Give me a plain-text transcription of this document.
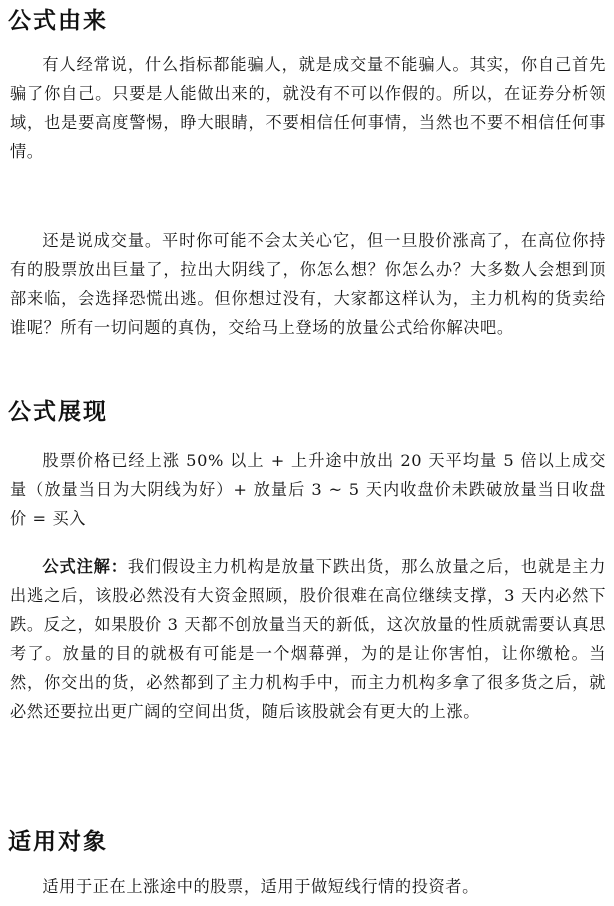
公式由来

有人经常说，什么指标都能骗人，就是成交量不能骗人。其实，你自己首先骗了你自己。只要是人能做出来的，就没有不可以作假的。所以，在证券分析领域，也是要高度警惕，睁大眼睛，不要相信任何事情，当然也不要不相信任何事情。

还是说成交量。平时你可能不会太关心它，但一旦股价涨高了，在高位你持有的股票放出巨量了，拉出大阴线了，你怎么想？你怎么办？大多数人会想到顶部来临，会选择恐慌出逃。但你想过没有，大家都这样认为，主力机构的货卖给谁呢？所有一切问题的真伪，交给马上登场的放量公式给你解决吧。

公式展现

股票价格已经上涨 50% 以上 + 上升途中放出 20 天平均量 5 倍以上成交量（放量当日为大阴线为好）+ 放量后 3 ~ 5 天内收盘价未跌破放量当日收盘价 = 买入

公式注解：我们假设主力机构是放量下跌出货，那么放量之后，也就是主力出逃之后，该股必然没有大资金照顾，股价很难在高位继续支撑，3 天内必然下跌。反之，如果股价 3 天都不创放量当天的新低，这次放量的性质就需要认真思考了。放量的目的就极有可能是一个烟幕弹，为的是让你害怕，让你缴枪。当然，你交出的货，必然都到了主力机构手中，而主力机构多拿了很多货之后，就必然还要拉出更广阔的空间出货，随后该股就会有更大的上涨。

适用对象

适用于正在上涨途中的股票，适用于做短线行情的投资者。
